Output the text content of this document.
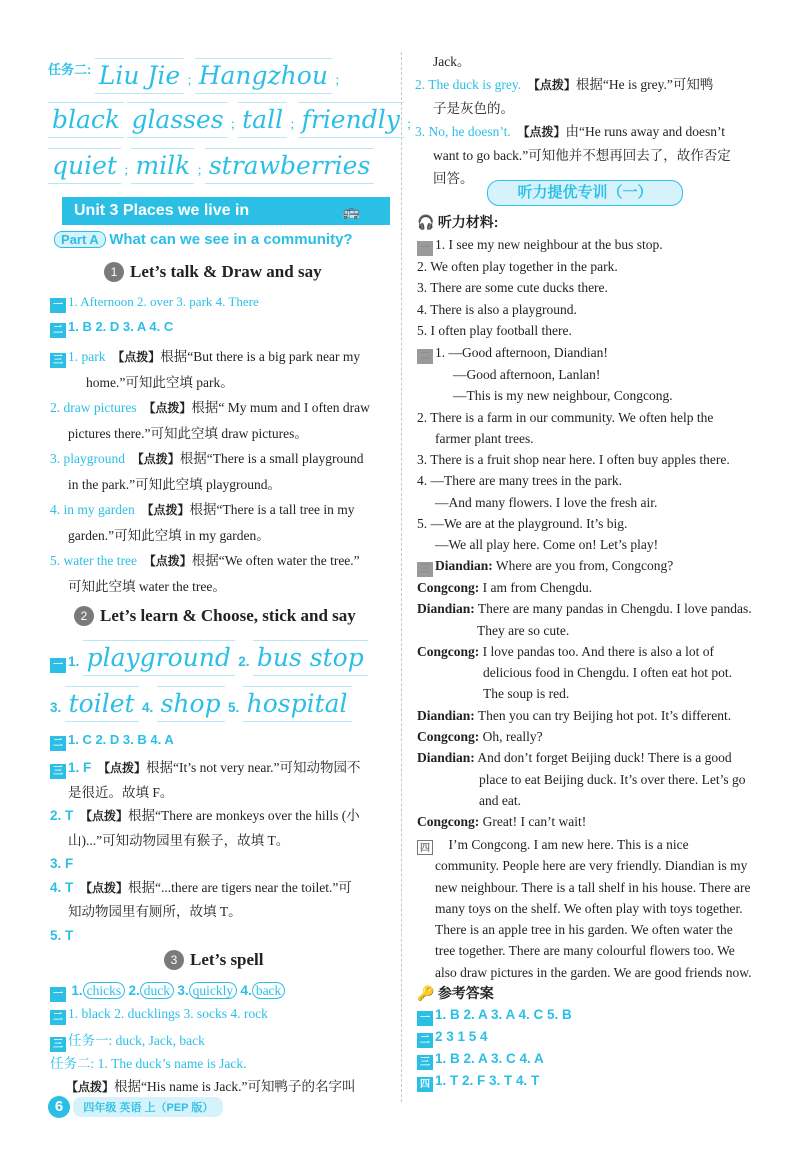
任务二: Liu Jie ; Hangzhou ;
black glasses ; tall ; friendly ;
quiet ; milk ; strawberries
Unit 3 Places we live in	🚌
Part A What can we see in a community?
1 Let’s talk & Draw and say
一 1. Afternoon 2. over 3. park 4. There
二 1. B 2. D 3. A 4. C
三 1. park 【点拨】根据“But there is a big park near my
home.”可知此空填 park。
2. draw pictures 【点拨】根据“ My mum and I often draw
pictures there.”可知此空填 draw pictures。
3. playground 【点拨】根据“There is a small playground
in the park.”可知此空填 playground。
4. in my garden 【点拨】根据“There is a tall tree in my
garden.”可知此空填 in my garden。
5. water the tree 【点拨】根据“We often water the tree.”
可知此空填 water the tree。
2 Let’s learn & Choose, stick and say
一 1. playground 2. bus stop
3. toilet 4. shop 5. hospital
二 1. C 2. D 3. B 4. A
三 1. F 【点拨】根据“It’s not very near.”可知动物园不
是很近。故填 F。
2. T 【点拨】根据“There are monkeys over the hills (小
山)...”可知动物园里有猴子，故填 T。
3. F
4. T 【点拨】根据“...there are tigers near the toilet.”可
知动物园里有厕所，故填 T。
5. T
3 Let’s spell
一 1. chicks 2. duck 3. quickly 4. back
二 1. black 2. ducklings 3. socks 4. rock
三 任务一: duck, Jack, back
任务二: 1. The duck’s name is Jack.
【点拨】根据“His name is Jack.”可知鸭子的名字叫
6 四年级 英语 上（PEP 版）
Jack。
2. The duck is grey. 【点拨】根据“He is grey.”可知鸭
子是灰色的。
3. No, he doesn’t. 【点拨】由“He runs away and doesn’t
want to go back.”可知他并不想再回去了，故作否定
回答。
听力提优专训（一）
🎧 听力材料:
一 1. I see my new neighbour at the bus stop.
2. We often play together in the park.
3. There are some cute ducks there.
4. There is also a playground.
5. I often play football there.
二 1. —Good afternoon, Diandian!
—Good afternoon, Lanlan!
—This is my new neighbour, Congcong.
2. There is a farm in our community. We often help the
farmer plant trees.
3. There is a fruit shop near here. I often buy apples there.
4. —There are many trees in the park.
—And many flowers. I love the fresh air.
5. —We are at the playground. It’s big.
—We all play here. Come on! Let’s play!
三 Diandian: Where are you from, Congcong?
Congcong: I am from Chengdu.
Diandian: There are many pandas in Chengdu. I love pandas.
They are so cute.
Congcong: I love pandas too. And there is also a lot of
delicious food in Chengdu. I often eat hot pot.
The soup is red.
Diandian: Then you can try Beijing hot pot. It’s different.
Congcong: Oh, really?
Diandian: And don’t forget Beijing duck! There is a good
place to eat Beijing duck. It’s over there. Let’s go
and eat.
Congcong: Great! I can’t wait!
四 I’m Congcong. I am new here. This is a nice
community. People here are very friendly. Diandian is my
new neighbour. There is a tall shelf in his house. There are
many toys on the shelf. We often play with toys together.
There is an apple tree in his garden. We often water the
tree together. There are many colourful flowers too. We
also draw pictures in the garden. We are good friends now.
🔑 参考答案
一 1. B 2. A 3. A 4. C 5. B
二 2 3 1 5 4
三 1. B 2. A 3. C 4. A
四 1. T 2. F 3. T 4. T
